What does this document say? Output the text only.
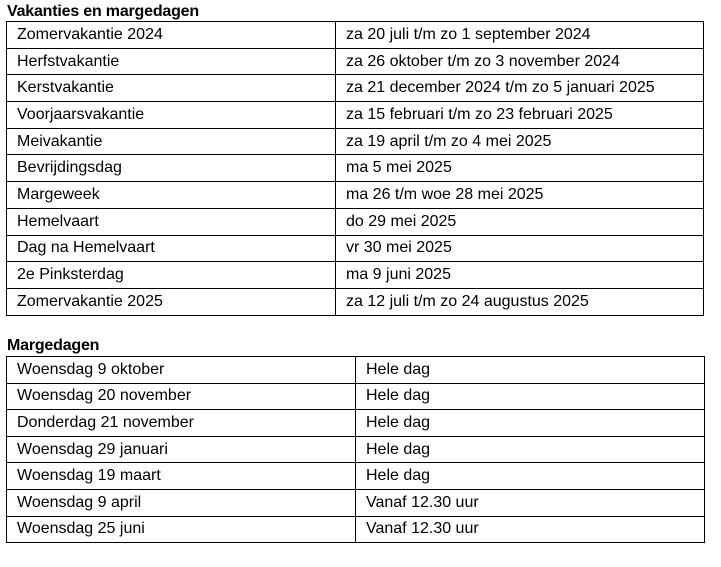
Vakanties en margedagen
Zomervakantie 2024	za 20 juli t/m zo 1 september 2024
Herfstvakantie	za 26 oktober t/m zo 3 november 2024
Kerstvakantie	za 21 december 2024 t/m zo 5 januari 2025
Voorjaarsvakantie	za 15 februari t/m zo 23 februari 2025
Meivakantie	za 19 april t/m zo 4 mei 2025
Bevrijdingsdag	ma 5 mei 2025
Margeweek	ma 26 t/m woe 28 mei 2025
Hemelvaart	do 29 mei 2025
Dag na Hemelvaart	vr 30 mei 2025
2e Pinksterdag	ma 9 juni 2025
Zomervakantie 2025	za 12 juli t/m zo 24 augustus 2025
Margedagen
Woensdag 9 oktober	Hele dag
Woensdag 20 november	Hele dag
Donderdag 21 november	Hele dag
Woensdag 29 januari	Hele dag
Woensdag 19 maart	Hele dag
Woensdag 9 april	Vanaf 12.30 uur
Woensdag 25 juni	Vanaf 12.30 uur
